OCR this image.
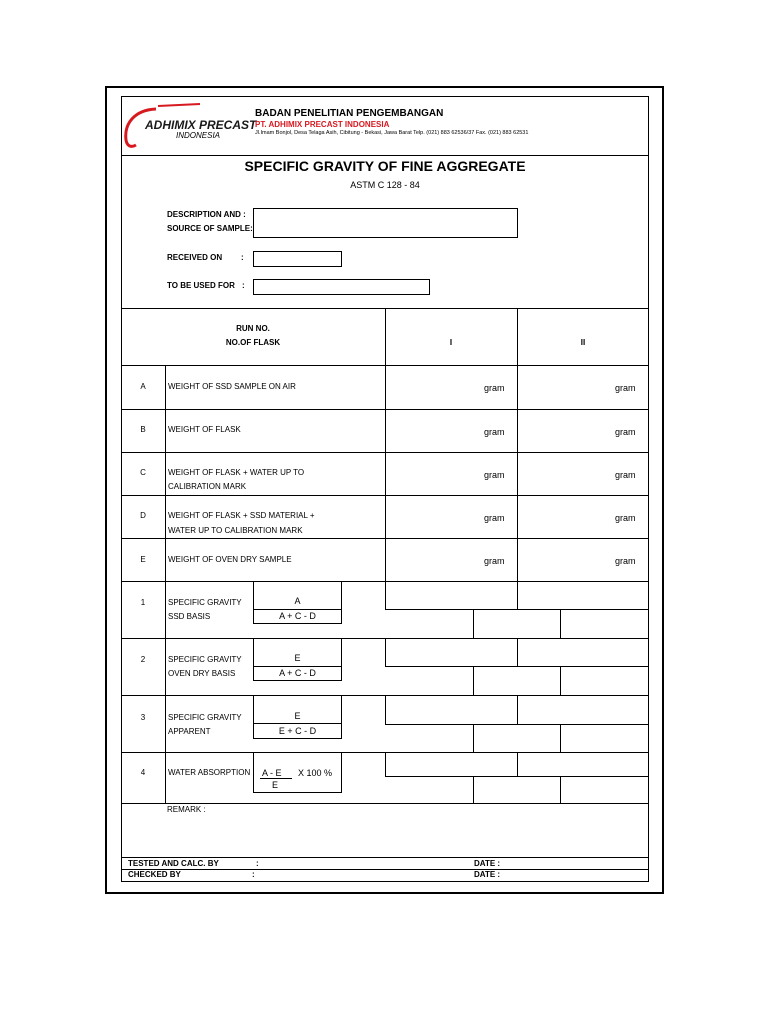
ADHIMIX PRECAST
INDONESIA
BADAN PENELITIAN PENGEMBANGAN
PT. ADHIMIX PRECAST INDONESIA
Jl.Imam Bonjol, Desa Telaga Asih, Cibitung - Bekasi, Jawa Barat Telp. (021) 883 62536/37 Fax. (021) 883 62531
SPECIFIC GRAVITY OF FINE AGGREGATE
ASTM C 128 - 84
DESCRIPTION AND :
SOURCE OF SAMPLE:
RECEIVED ON :
TO BE USED FOR :
RUN NO.
NO.OF FLASK	I	II
A	WEIGHT OF SSD SAMPLE ON AIR	gram	gram
B	WEIGHT OF FLASK	gram	gram
C	WEIGHT OF FLASK + WATER UP TO
CALIBRATION MARK
gram	gram
D	WEIGHT OF FLASK + SSD MATERIAL +
WATER UP TO CALIBRATION MARK
gram	gram
E	WEIGHT OF OVEN DRY SAMPLE	gram	gram
1	SPECIFIC GRAVITY
SSD BASIS
A
A + C - D
2	SPECIFIC GRAVITY
OVEN DRY BASIS
E
A + C - D
3	SPECIFIC GRAVITY
APPARENT
E
E + C - D
4	WATER ABSORPTION A - E X 100 %
E
REMARK :
TESTED AND CALC. BY	:	DATE :
CHECKED BY	:	DATE :
